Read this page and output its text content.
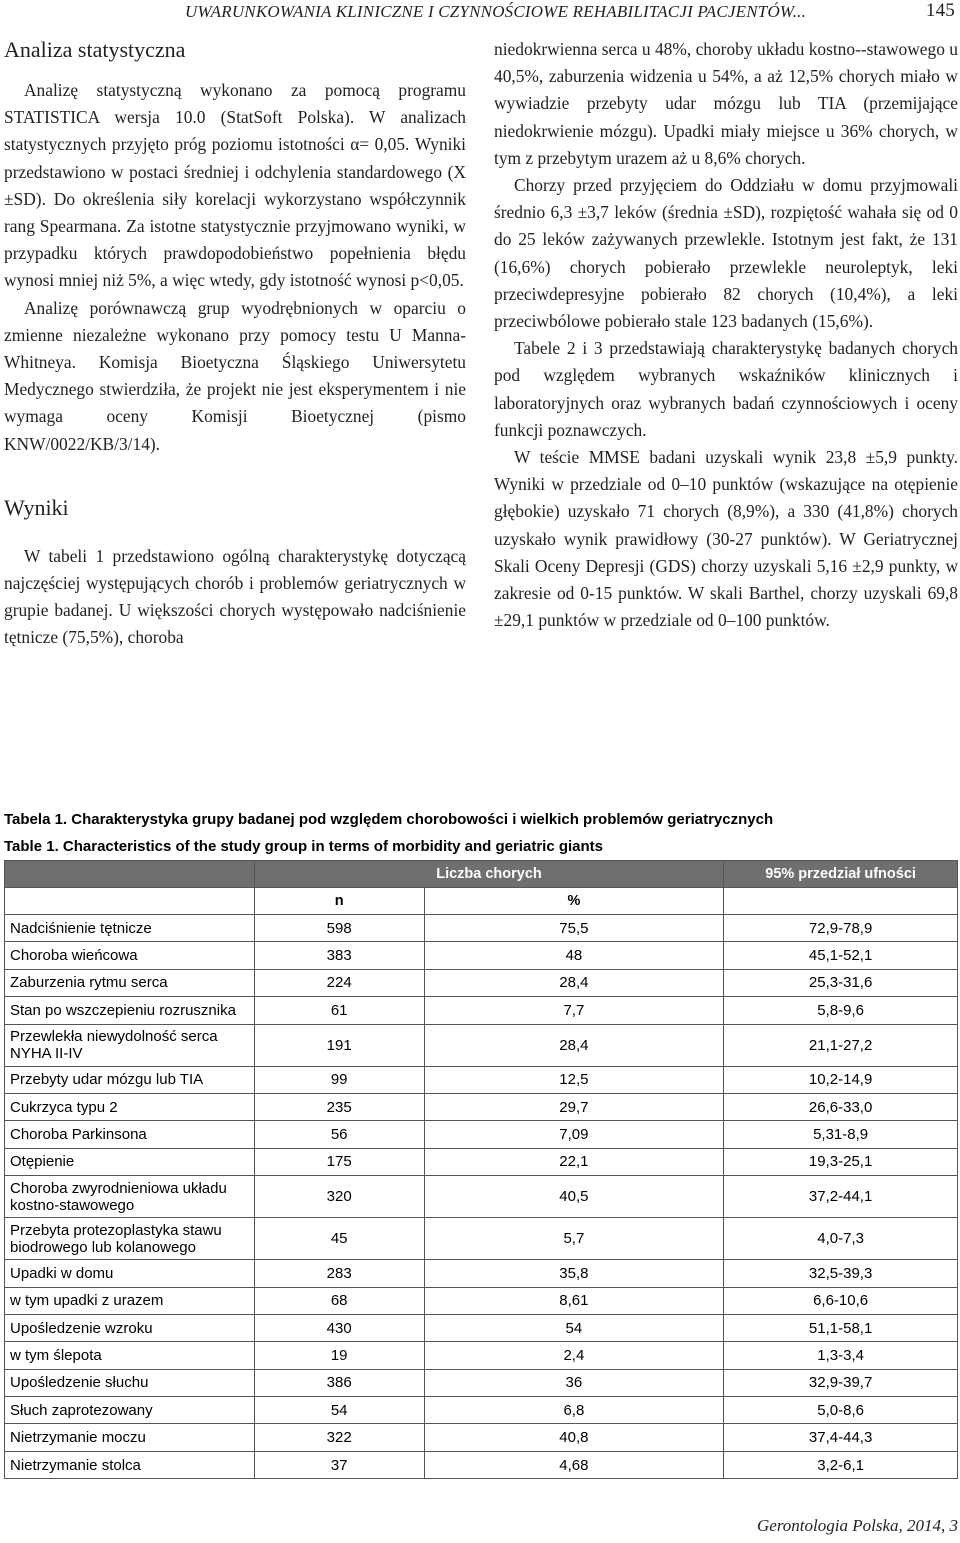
UWARUNKOWANIA KLINICZNE I CZYNNOŚCIOWE REHABILITACJI PACJENTÓW...	145
Analiza statystyczna

Analizę statystyczną wykonano za pomocą programu STATISTICA wersja 10.0 (StatSoft Polska). W analizach statystycznych przyjęto próg poziomu istotności α= 0,05. Wyniki przedstawiono w postaci średniej i odchylenia standardowego (X ±SD). Do określenia siły korelacji wykorzystano współczynnik rang Spearmana. Za istotne statystycznie przyjmowano wyniki, w przypadku których prawdopodobieństwo popełnienia błędu wynosi mniej niż 5%, a więc wtedy, gdy istotność wynosi p<0,05.

Analizę porównawczą grup wyodrębnionych w oparciu o zmienne niezależne wykonano przy pomocy testu U Manna-Whitneya. Komisja Bioetyczna Śląskiego Uniwersytetu Medycznego stwierdziła, że projekt nie jest eksperymentem i nie wymaga oceny Komisji Bioetycznej (pismo KNW/0022/KB/3/14).

Wyniki

W tabeli 1 przedstawiono ogólną charakterystykę dotyczącą najczęściej występujących chorób i problemów geriatrycznych w grupie badanej. U większości chorych występowało nadciśnienie tętnicze (75,5%), choroba

niedokrwienna serca u 48%, choroby układu kostno--stawowego u 40,5%, zaburzenia widzenia u 54%, a aż 12,5% chorych miało w wywiadzie przebyty udar mózgu lub TIA (przemijające niedokrwienie mózgu). Upadki miały miejsce u 36% chorych, w tym z przebytym urazem aż u 8,6% chorych.

Chorzy przed przyjęciem do Oddziału w domu przyjmowali średnio 6,3 ±3,7 leków (średnia ±SD), rozpiętość wahała się od 0 do 25 leków zażywanych przewlekle. Istotnym jest fakt, że 131 (16,6%) chorych pobierało przewlekle neuroleptyk, leki przeciwdepresyjne pobierało 82 chorych (10,4%), a leki przeciwbólowe pobierało stale 123 badanych (15,6%).

Tabele 2 i 3 przedstawiają charakterystykę badanych chorych pod względem wybranych wskaźników klinicznych i laboratoryjnych oraz wybranych badań czynnościowych i oceny funkcji poznawczych.

W teście MMSE badani uzyskali wynik 23,8 ±5,9 punkty. Wyniki w przedziale od 0–10 punktów (wskazujące na otępienie głębokie) uzyskało 71 chorych (8,9%), a 330 (41,8%) chorych uzyskało wynik prawidłowy (30-27 punktów). W Geriatrycznej Skali Oceny Depresji (GDS) chorzy uzyskali 5,16 ±2,9 punkty, w zakresie od 0-15 punktów. W skali Barthel, chorzy uzyskali 69,8 ±29,1 punktów w przedziale od 0–100 punktów.

Tabela 1. Charakterystyka grupy badanej pod względem chorobowości i wielkich problemów geriatrycznych

Table 1. Characteristics of the study group in terms of morbidity and geriatric giants

	Liczba chorych		95% przedział ufności
	n	%	
Nadciśnienie tętnicze	598	75,5	72,9-78,9
Choroba wieńcowa	383	48	45,1-52,1
Zaburzenia rytmu serca	224	28,4	25,3-31,6
Stan po wszczepieniu rozrusznika	61	7,7	5,8-9,6
Przewlekła niewydolność serca NYHA II-IV	191	28,4	21,1-27,2
Przebyty udar mózgu lub TIA	99	12,5	10,2-14,9
Cukrzyca typu 2	235	29,7	26,6-33,0
Choroba Parkinsona	56	7,09	5,31-8,9
Otępienie	175	22,1	19,3-25,1
Choroba zwyrodnieniowa układu kostno-stawowego	320	40,5	37,2-44,1
Przebyta protezoplastyka stawu biodrowego lub kolanowego	45	5,7	4,0-7,3
Upadki w domu	283	35,8	32,5-39,3
w tym upadki z urazem	68	8,61	6,6-10,6
Upośledzenie wzroku	430	54	51,1-58,1
w tym ślepota	19	2,4	1,3-3,4
Upośledzenie słuchu	386	36	32,9-39,7
Słuch zaprotezowany	54	6,8	5,0-8,6
Nietrzymanie moczu	322	40,8	37,4-44,3
Nietrzymanie stolca	37	4,68	3,2-6,1
Gerontologia Polska, 2014, 3
